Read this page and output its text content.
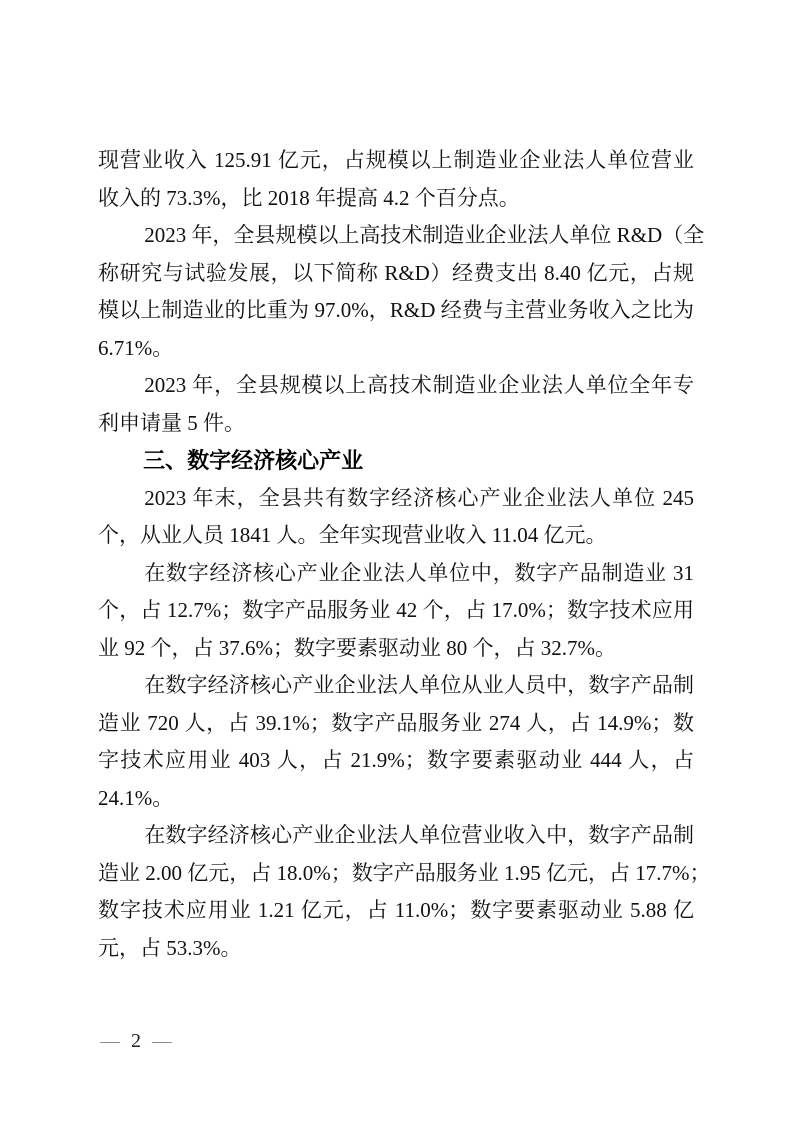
现营业收入 125.91 亿元，占规模以上制造业企业法人单位营业
收入的 73.3%，比 2018 年提高 4.2 个百分点。
2023 年，全县规模以上高技术制造业企业法人单位 R&D（全
称研究与试验发展，以下简称 R&D）经费支出 8.40 亿元，占规
模以上制造业的比重为 97.0%，R&D 经费与主营业务收入之比为
6.71%。
2023 年，全县规模以上高技术制造业企业法人单位全年专
利申请量 5 件。
三、数字经济核心产业
2023 年末，全县共有数字经济核心产业企业法人单位 245
个，从业人员 1841 人。全年实现营业收入 11.04 亿元。
在数字经济核心产业企业法人单位中，数字产品制造业 31
个，占 12.7%；数字产品服务业 42 个，占 17.0%；数字技术应用
业 92 个，占 37.6%；数字要素驱动业 80 个，占 32.7%。
在数字经济核心产业企业法人单位从业人员中，数字产品制
造业 720 人，占 39.1%；数字产品服务业 274 人，占 14.9%；数
字技术应用业 403 人，占 21.9%；数字要素驱动业 444 人，占
24.1%。
在数字经济核心产业企业法人单位营业收入中，数字产品制
造业 2.00 亿元，占 18.0%；数字产品服务业 1.95 亿元，占 17.7%；
数字技术应用业 1.21 亿元，占 11.0%；数字要素驱动业 5.88 亿
元，占 53.3%。
— 2 —
